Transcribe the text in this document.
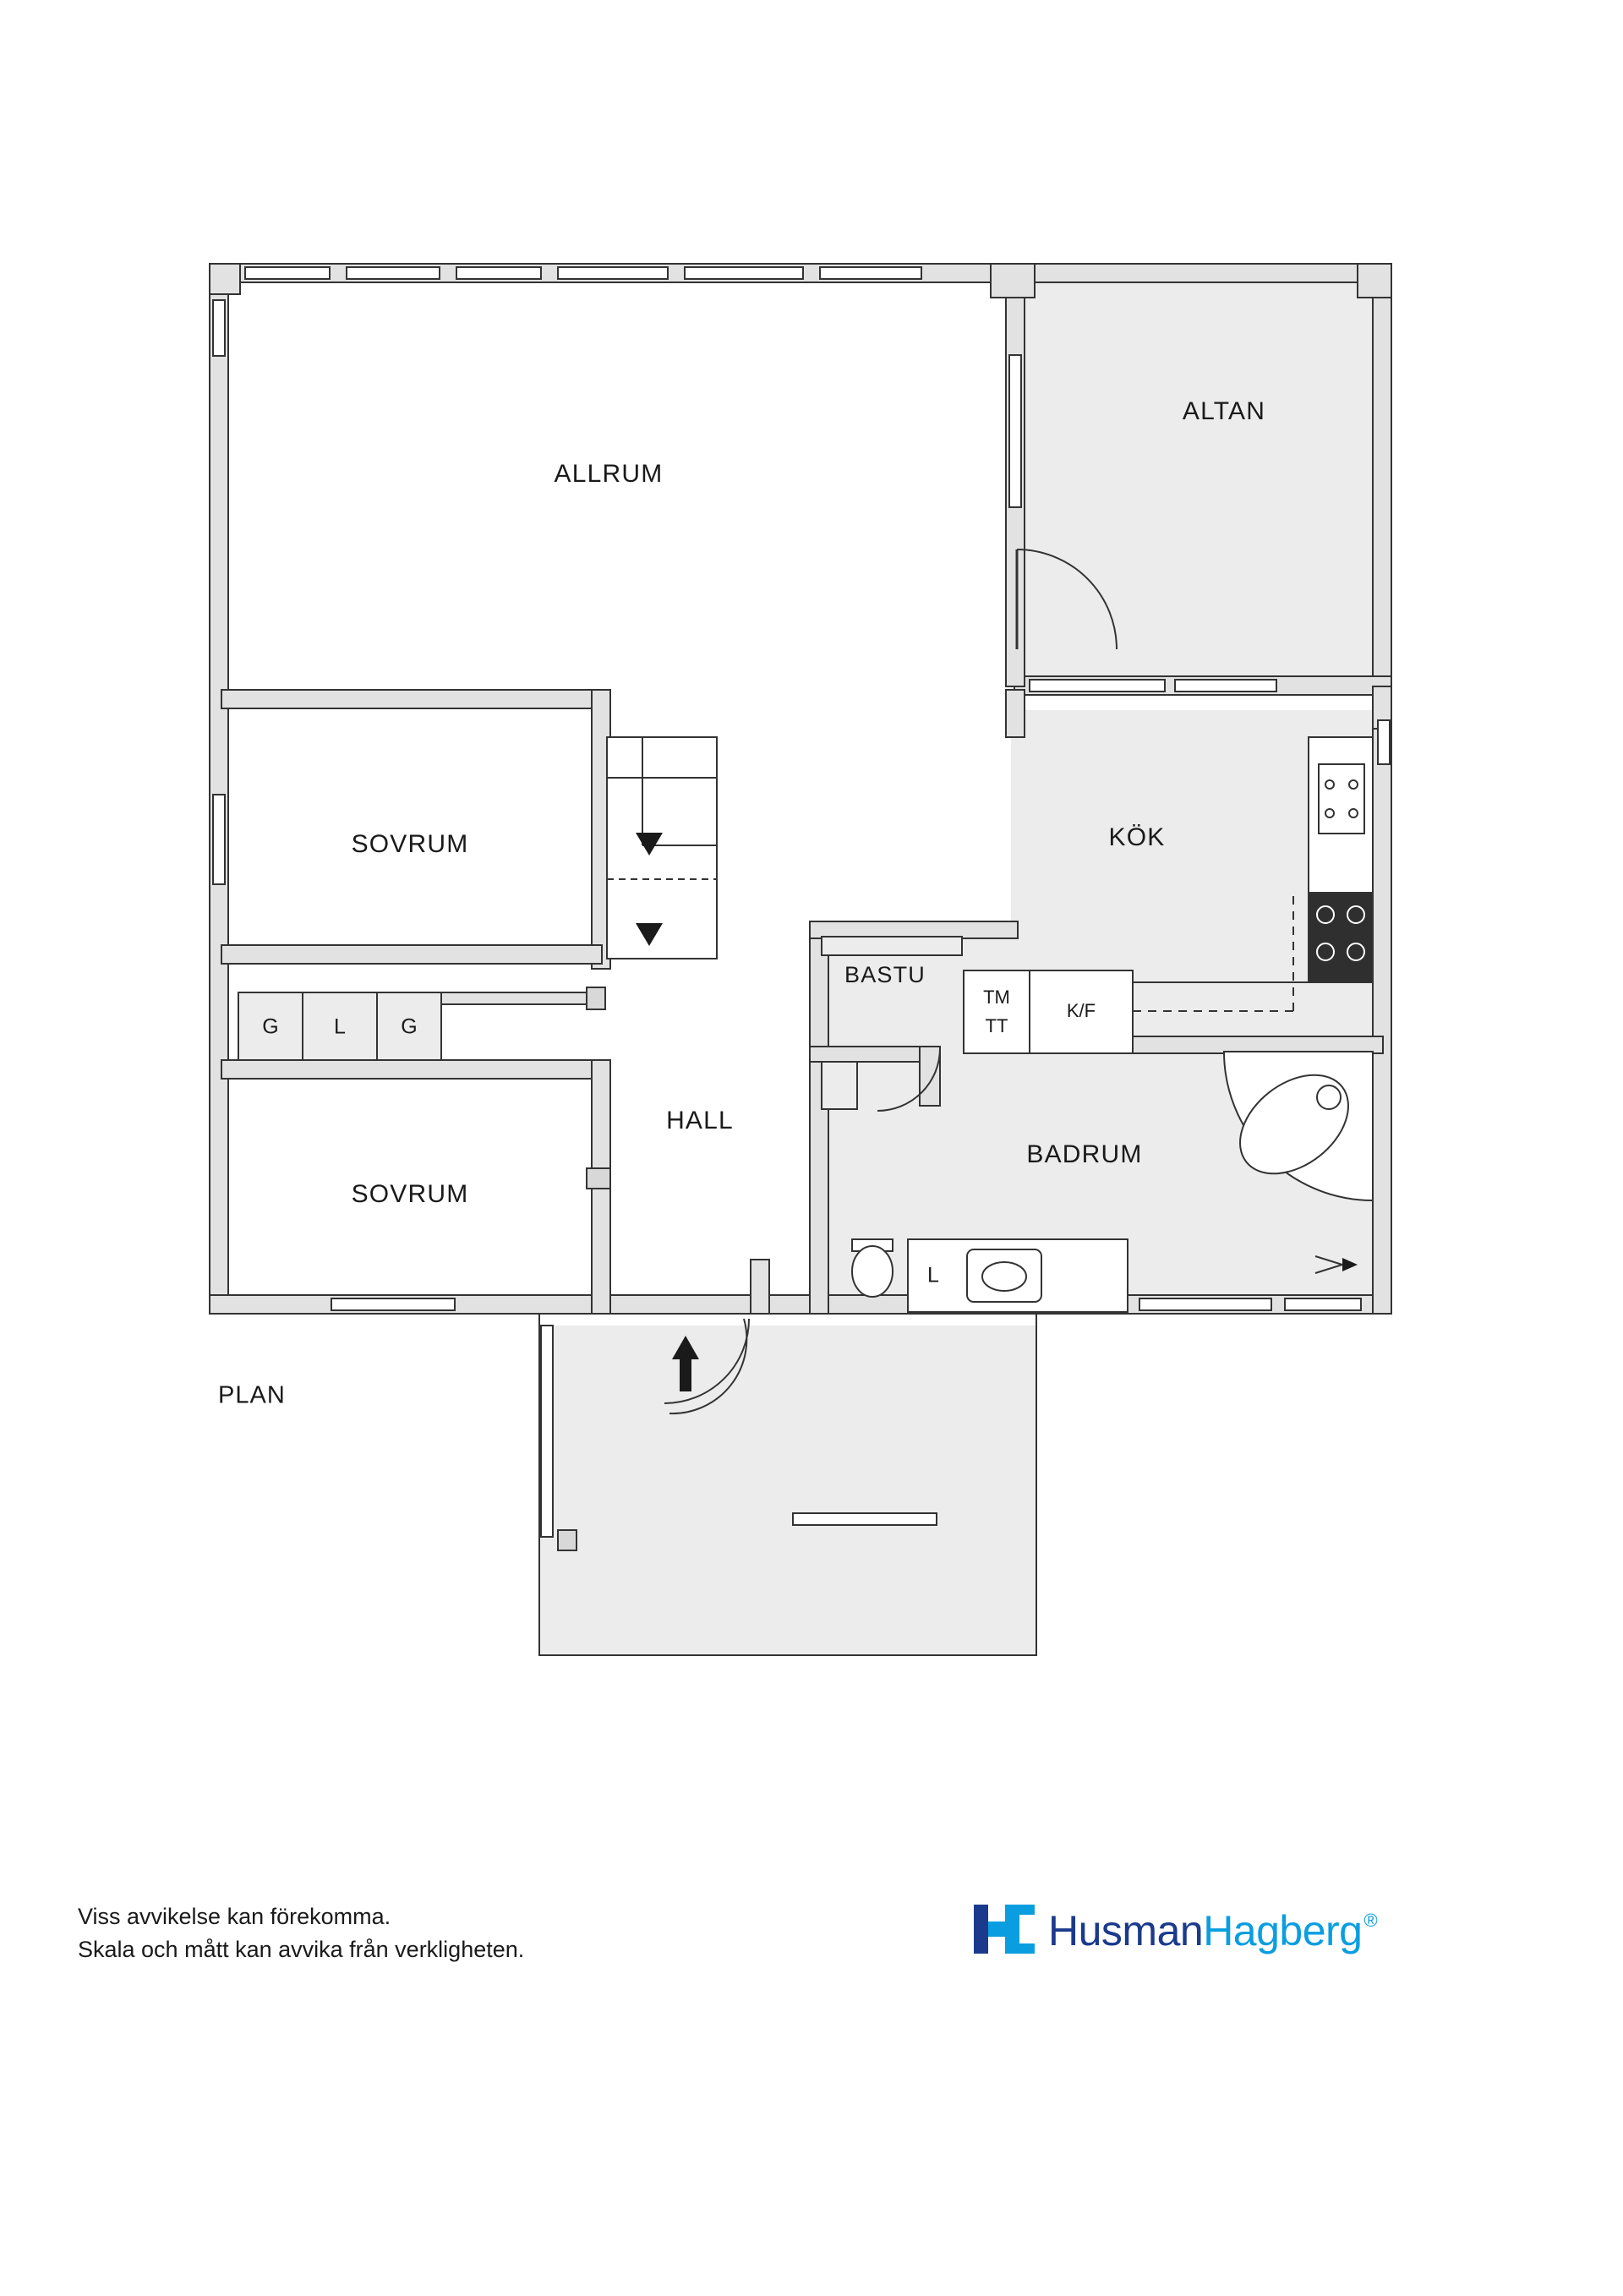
ALLRUM
ALTAN
SOVRUM	KÖK
BASTU
HALL
BADRUM
SOVRUM
G	L	G
TM
TT
K/F
L
PLAN
Viss avvikelse kan förekomma.
Skala och mått kan avvika från verkligheten.	HusmanHagberg®
